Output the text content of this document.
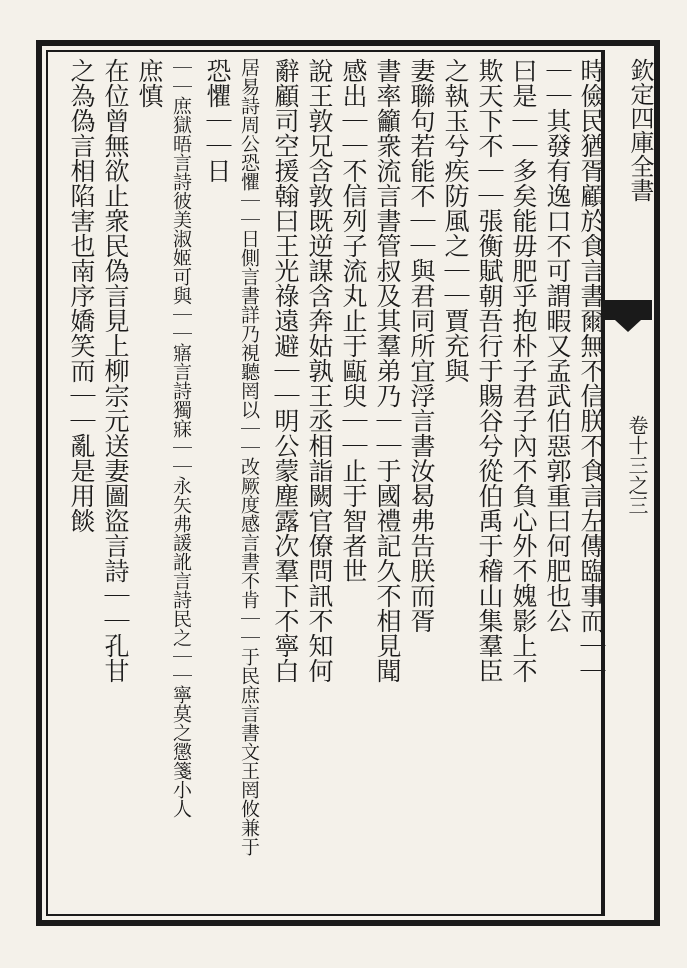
欽定四庫全書
卷十三之三
時儉民猶胥顧於食言書爾無不信朕不食言左傳臨事而｜｜
｜｜其發有逸口不可謂暇又孟武伯惡郭重曰何肥也公
曰是｜｜多矣能毋肥乎抱朴子君子內不負心外不媿影上不
欺天下不｜｜張衡賦朝吾行于賜谷兮從伯禹于稽山集羣臣
之執玉兮疾防風之｜｜賈充與
妻聯句若能不｜｜與君同所宜浮言書汝曷弗告朕而胥
書率籲衆流言書管叔及其羣弟乃｜｜于國禮記久不相見聞
感出｜｜不信列子流丸止于甌臾｜｜止于智者世
說王敦兄含敦既逆謀含奔姑孰王丞相詣闕官僚問訊不知何
辭顧司空援翰曰王光祿遠避｜｜明公蒙塵露次羣下不寧白
居易詩周公恐懼｜｜日側言書詳乃視聽罔以｜｜改厥度感言書不肯｜｜于民庶言書文王罔攸兼于
恐懼｜｜日
｜｜庶獄晤言詩彼美淑姬可與｜｜寤言詩獨寐｜｜永矢弗諼訛言詩民之｜｜寧莫之懲箋小人
庶慎
在位曾無欲止衆民偽言見上柳宗元送妻圖盜言詩｜｜孔甘
之為偽言相陷害也南序嬌笑而｜｜亂是用餤
